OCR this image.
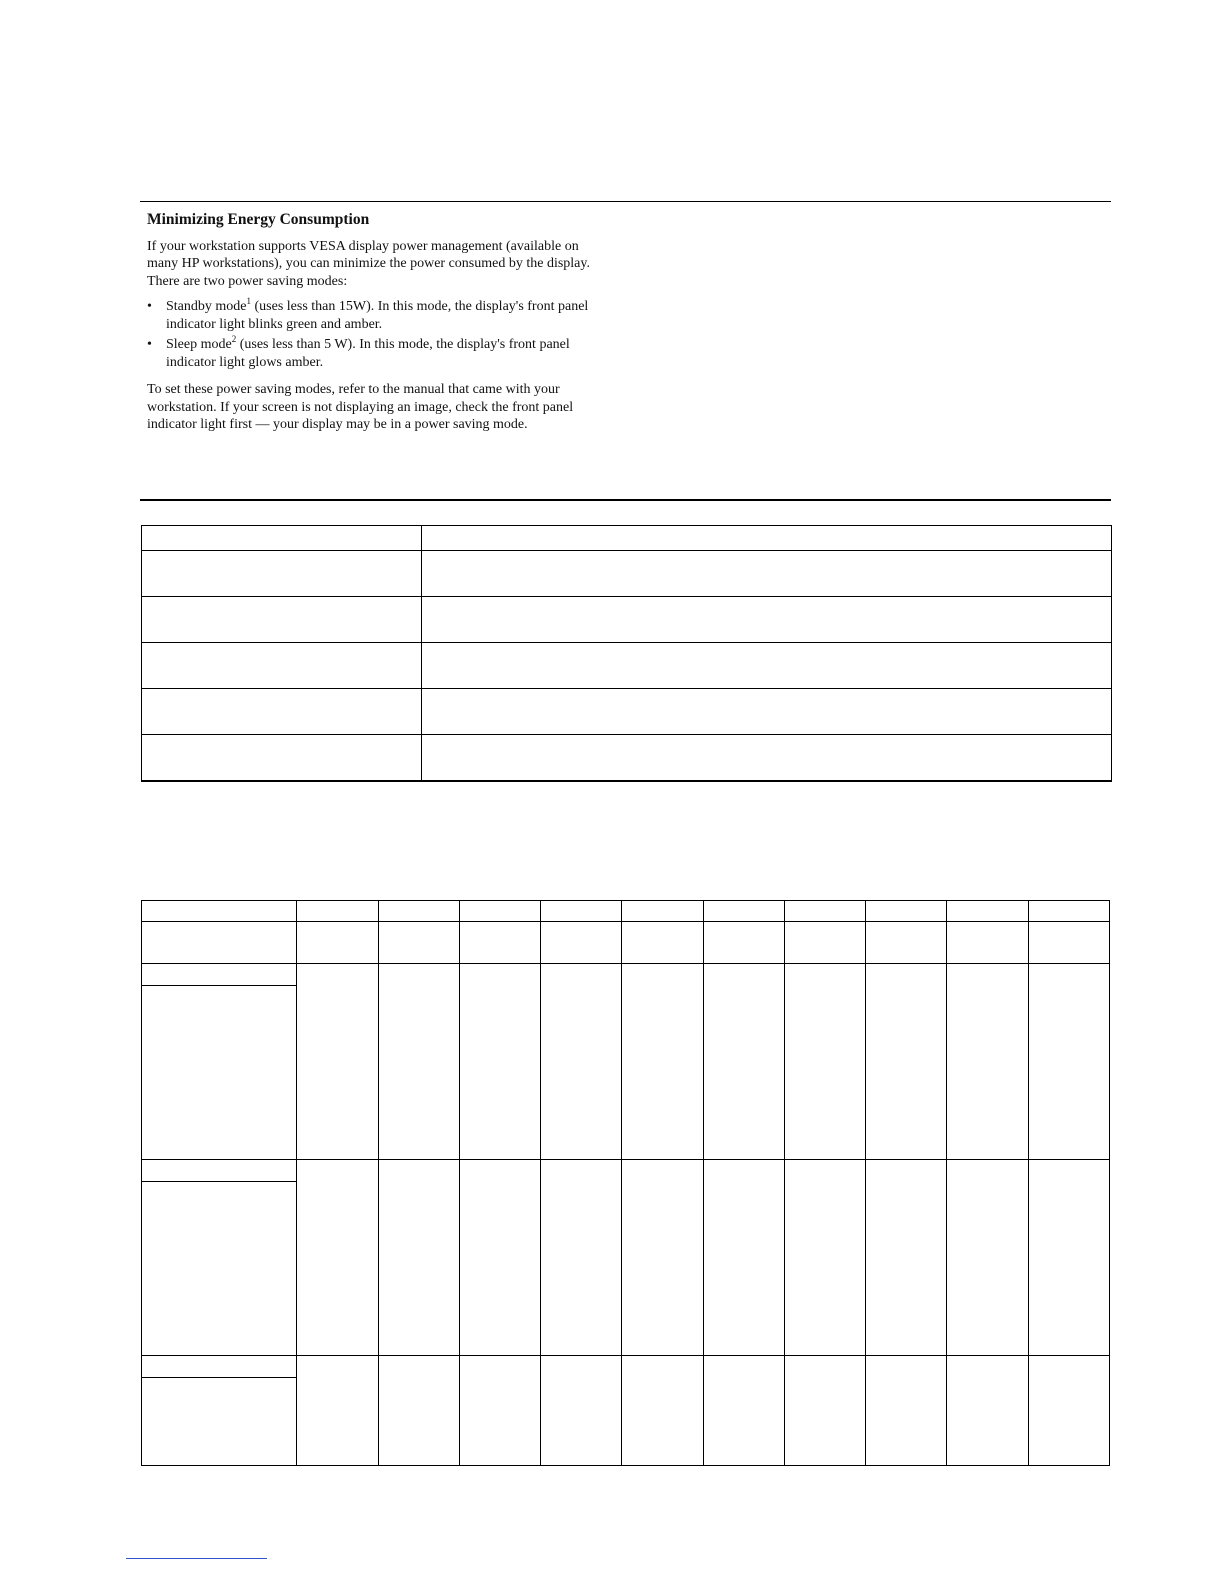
Minimizing Energy Consumption

If your workstation supports VESA display power management (available on many HP workstations), you can minimize the power consumed by the display. There are two power saving modes:

• Standby mode$^1$ (uses less than 15W). In this mode, the display's front panel indicator light blinks green and amber.
• Sleep mode$^2$ (uses less than 5 W). In this mode, the display's front panel indicator light glows amber.

To set these power saving modes, refer to the manual that came with your workstation. If your screen is not displaying an image, check the front panel indicator light first — your display may be in a power saving mode.
